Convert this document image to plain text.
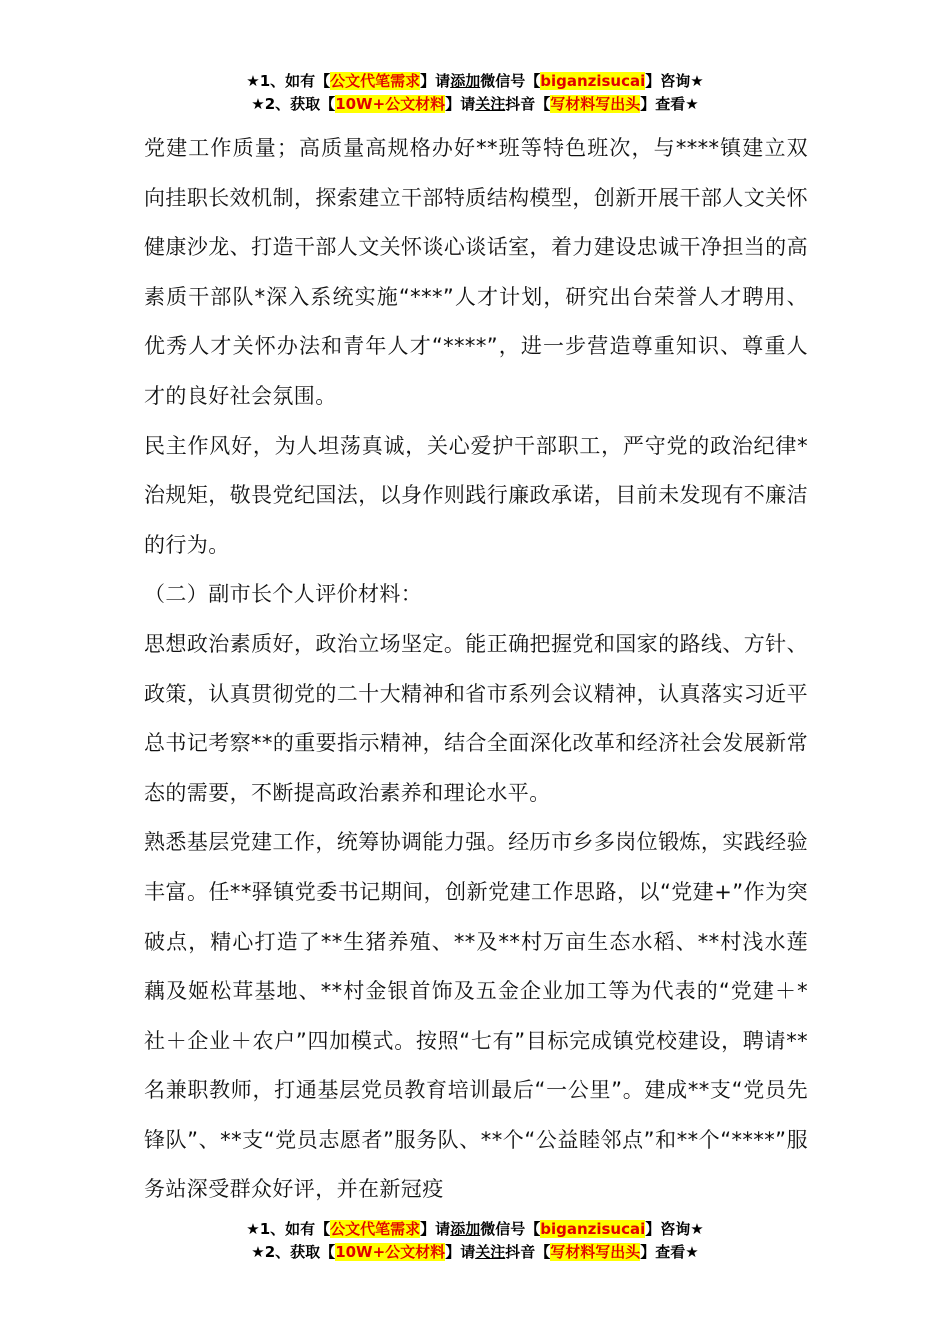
★1、如有【公文代笔需求】请添加微信号【biganzisucai】咨询★
★2、获取【10W+公文材料】请关注抖音【写材料写出头】查看★

党建工作质量；高质量高规格办好**班等特色班次，与****镇建立双向挂职长效机制，探索建立干部特质结构模型，创新开展干部人文关怀健康沙龙、打造干部人文关怀谈心谈话室，着力建设忠诚干净担当的高素质干部队*深入系统实施“***”人才计划，研究出台荣誉人才聘用、优秀人才关怀办法和青年人才“****”，进一步营造尊重知识、尊重人才的良好社会氛围。

民主作风好，为人坦荡真诚，关心爱护干部职工，严守党的政治纪律*治规矩，敬畏党纪国法，以身作则践行廉政承诺，目前未发现有不廉洁的行为。

（二）副市长个人评价材料：

思想政治素质好，政治立场坚定。能正确把握党和国家的路线、方针、政策，认真贯彻党的二十大精神和省市系列会议精神，认真落实习近平总书记考察**的重要指示精神，结合全面深化改革和经济社会发展新常态的需要，不断提高政治素养和理论水平。

熟悉基层党建工作，统筹协调能力强。经历市乡多岗位锻炼，实践经验丰富。任**驿镇党委书记期间，创新党建工作思路，以“党建+”作为突破点，精心打造了**生猪养殖、**及**村万亩生态水稻、**村浅水莲藕及姬松茸基地、**村金银首饰及五金企业加工等为代表的“党建＋*社＋企业＋农户”四加模式。按照“七有”目标完成镇党校建设，聘请**名兼职教师，打通基层党员教育培训最后“一公里”。建成**支“党员先锋队”、**支“党员志愿者”服务队、**个“公益睦邻点”和**个“****”服务站深受群众好评，并在新冠疫

★1、如有【公文代笔需求】请添加微信号【biganzisucai】咨询★
★2、获取【10W+公文材料】请关注抖音【写材料写出头】查看★
